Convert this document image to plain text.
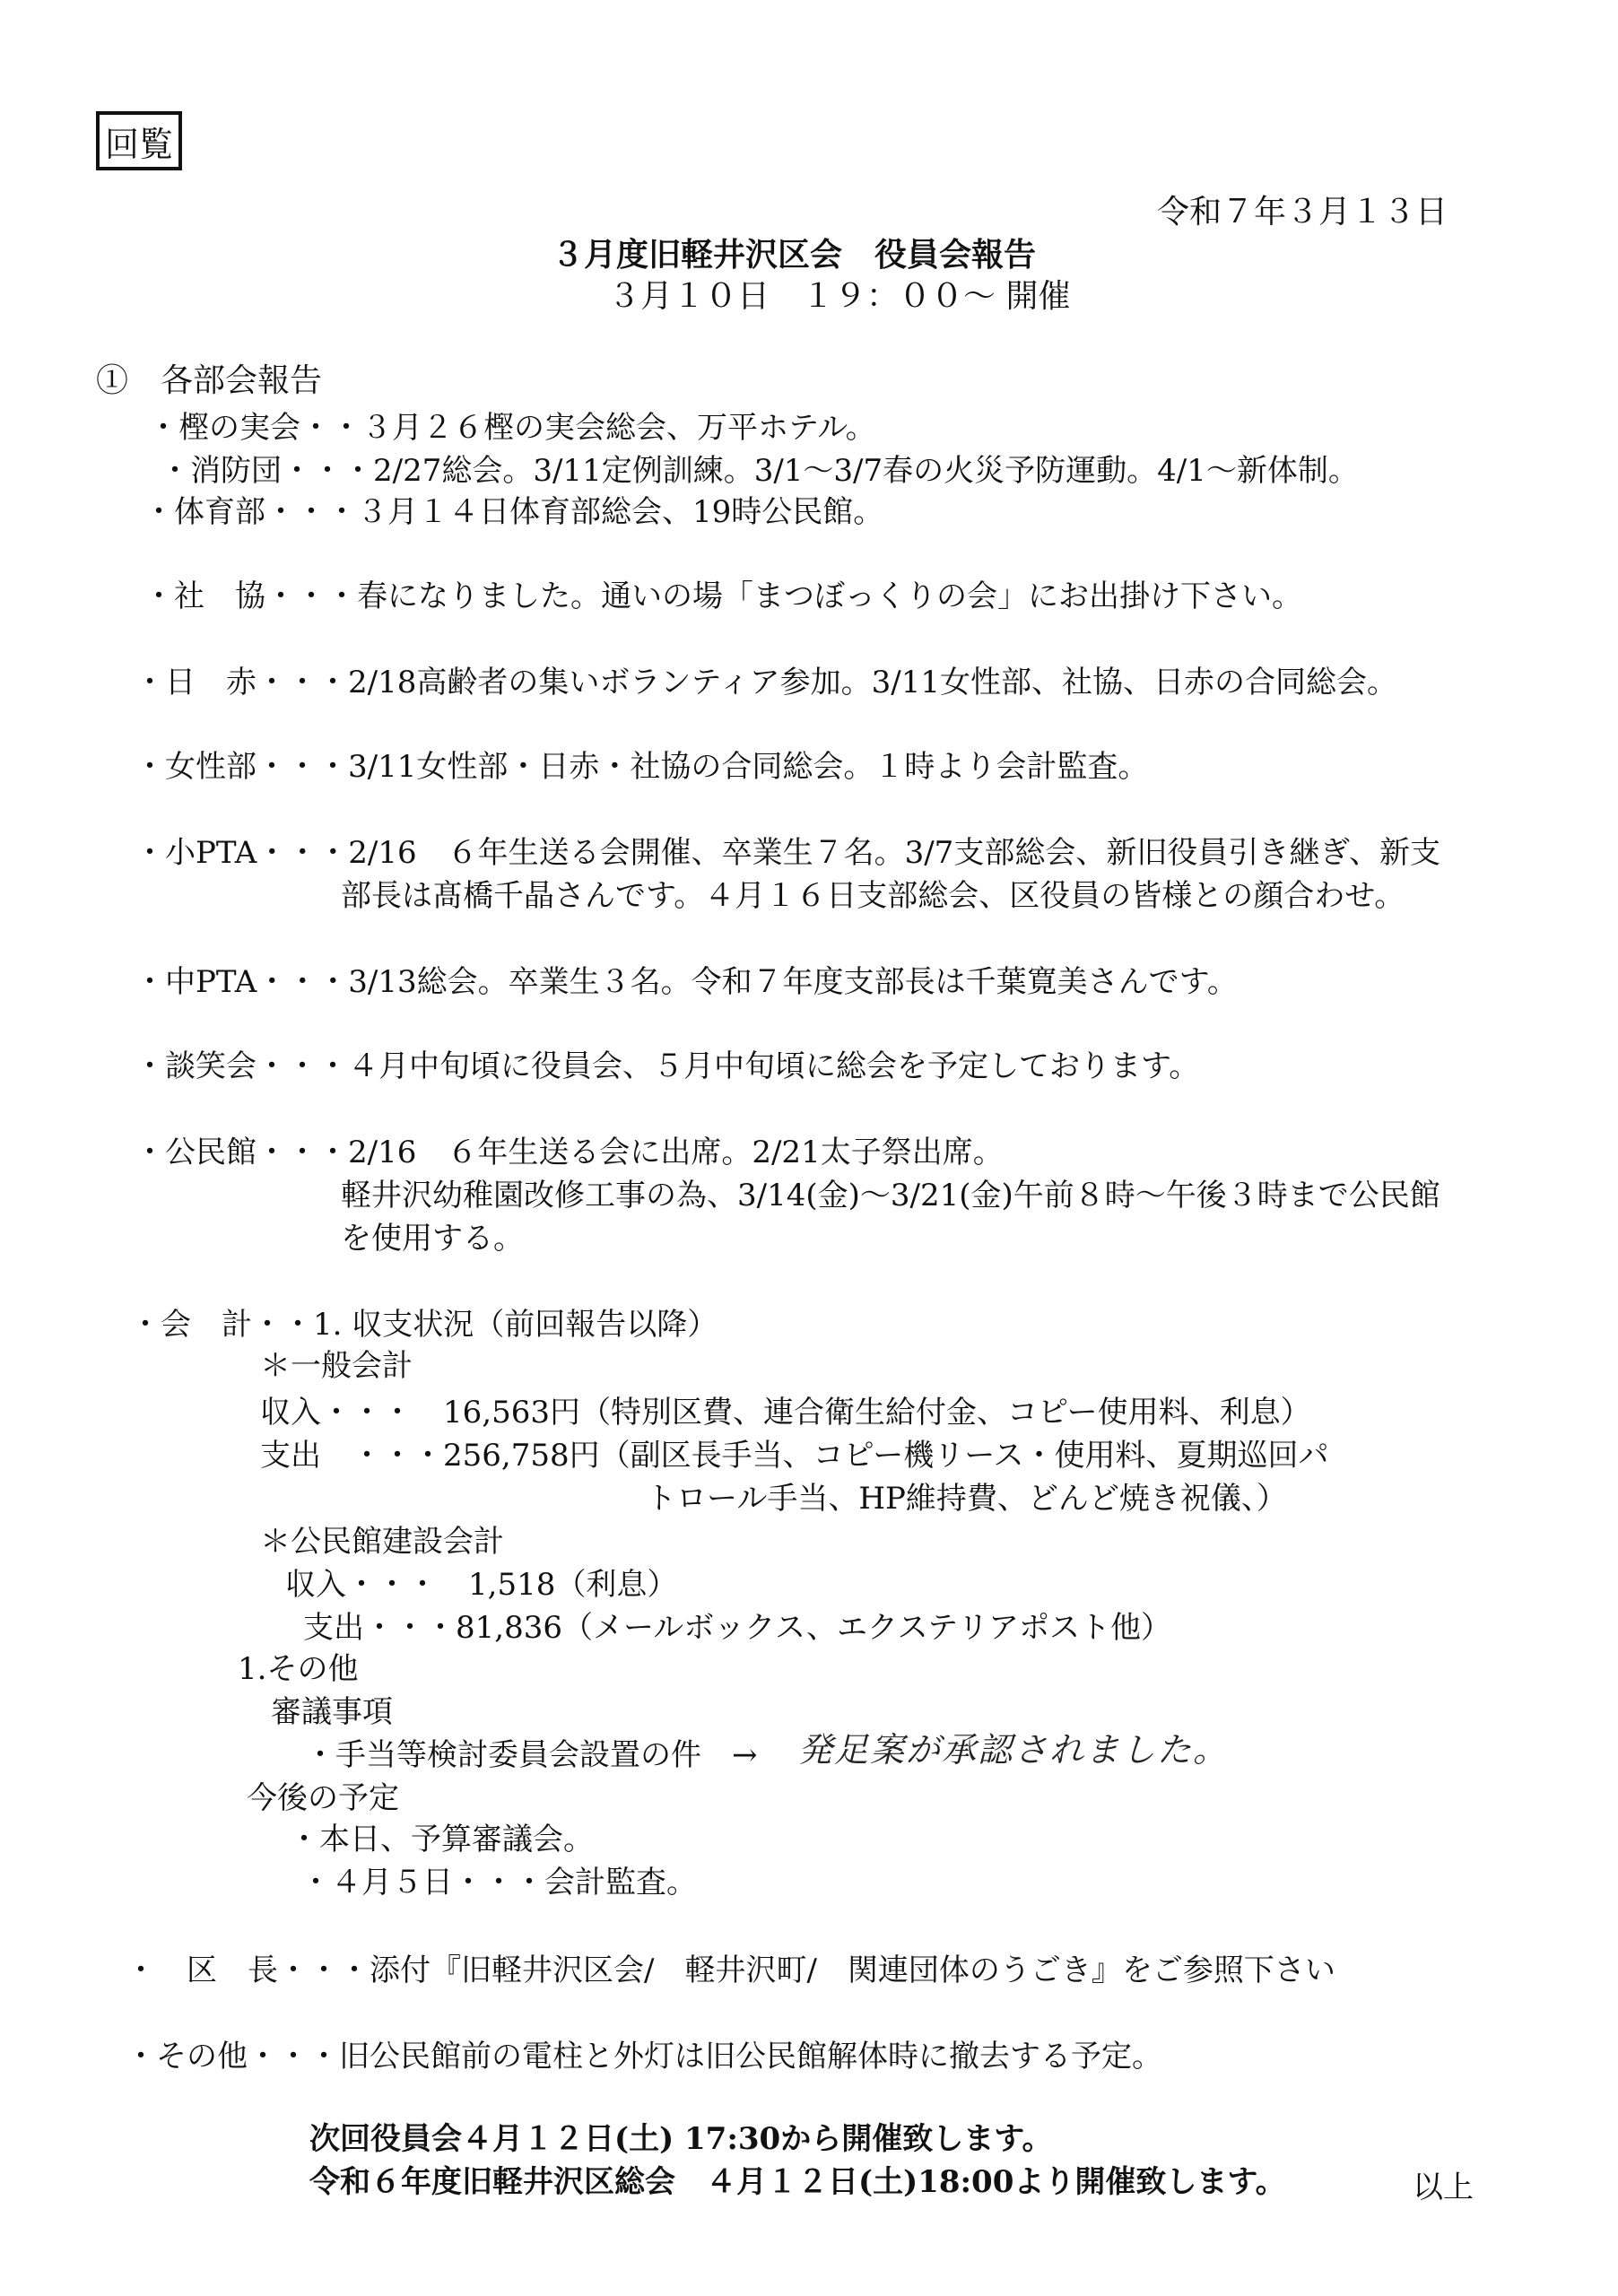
回覧
令和７年３月１３日
３月度旧軽井沢区会　役員会報告
３月１０日　１９：００～ 開催
①　各部会報告
・樫の実会・・３月２６樫の実会総会、万平ホテル。
・消防団・・・2/27総会。3/11定例訓練。3/1～3/7春の火災予防運動。4/1～新体制。
・体育部・・・３月１４日体育部総会、19時公民館。
・社　協・・・春になりました。通いの場「まつぼっくりの会」にお出掛け下さい。
・日　赤・・・2/18高齢者の集いボランティア参加。3/11女性部、社協、日赤の合同総会。
・女性部・・・3/11女性部・日赤・社協の合同総会。１時より会計監査。
・小PTA・・・2/16　６年生送る会開催、卒業生７名。3/7支部総会、新旧役員引き継ぎ、新支
部長は髙橋千晶さんです。４月１６日支部総会、区役員の皆様との顔合わせ。
・中PTA・・・3/13総会。卒業生３名。令和７年度支部長は千葉寛美さんです。
・談笑会・・・４月中旬頃に役員会、５月中旬頃に総会を予定しております。
・公民館・・・2/16　６年生送る会に出席。2/21太子祭出席。
軽井沢幼稚園改修工事の為、3/14(金)～3/21(金)午前８時～午後３時まで公民館
を使用する。
・会　計・・1. 収支状況（前回報告以降）
＊一般会計
収入・・・　16,563円（特別区費、連合衛生給付金、コピー使用料、利息）
支出　・・・256,758円（副区長手当、コピー機リース・使用料、夏期巡回パ
トロール手当、HP維持費、どんど焼き祝儀、）
＊公民館建設会計
収入・・・　1,518（利息）
支出・・・81,836（メールボックス、エクステリアポスト他）
1.その他
審議事項
・手当等検討委員会設置の件　→ 発足案が承認されました。
今後の予定
・本日、予算審議会。
・４月５日・・・会計監査。
・　区　長・・・添付『旧軽井沢区会/　軽井沢町/　関連団体のうごき』をご参照下さい
・その他・・・旧公民館前の電柱と外灯は旧公民館解体時に撤去する予定。
次回役員会４月１２日(土) 17:30から開催致します。
令和６年度旧軽井沢区総会　４月１２日(土)18:00より開催致します。	以上
